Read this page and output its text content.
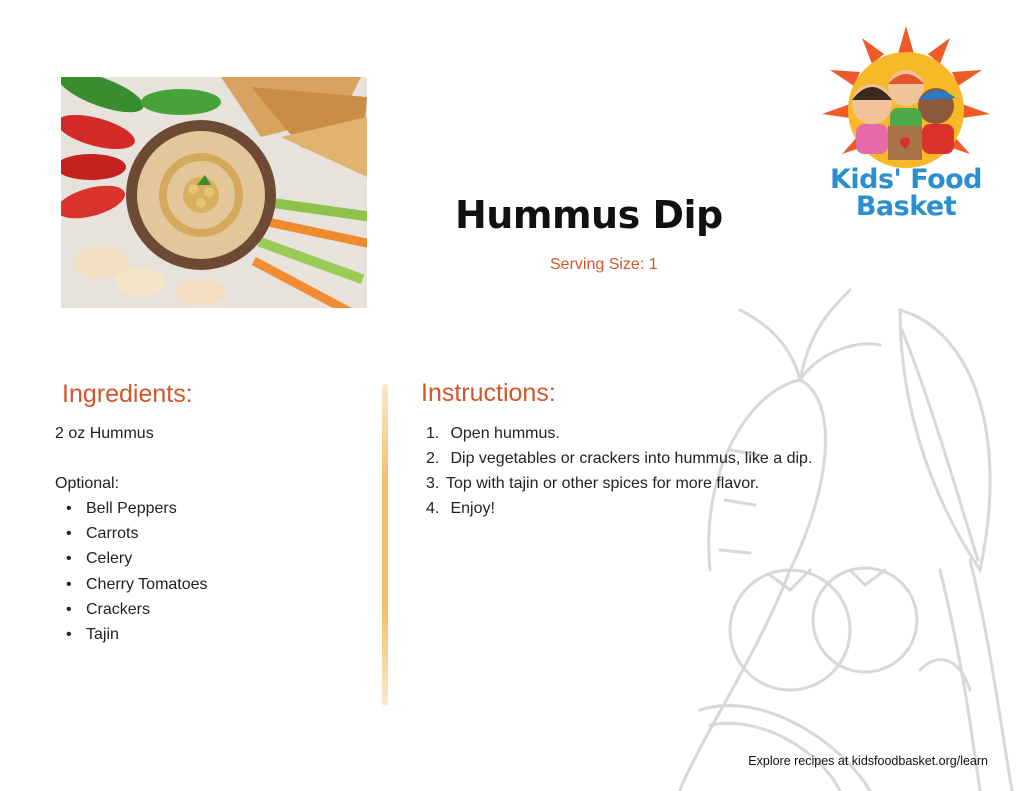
Kids' Food
Basket
Hummus Dip
Serving Size: 1
Ingredients:
2 oz Hummus
Optional:
• Bell Peppers
• Carrots
• Celery
• Cherry Tomatoes
• Crackers
• Tajin
Instructions:
1.
Open hummus.
2.
Dip vegetables or crackers into hummus, like a dip.
3. Top with tajin or other spices for more flavor.
4.
Enjoy!
Explore recipes at kidsfoodbasket.org/learn
